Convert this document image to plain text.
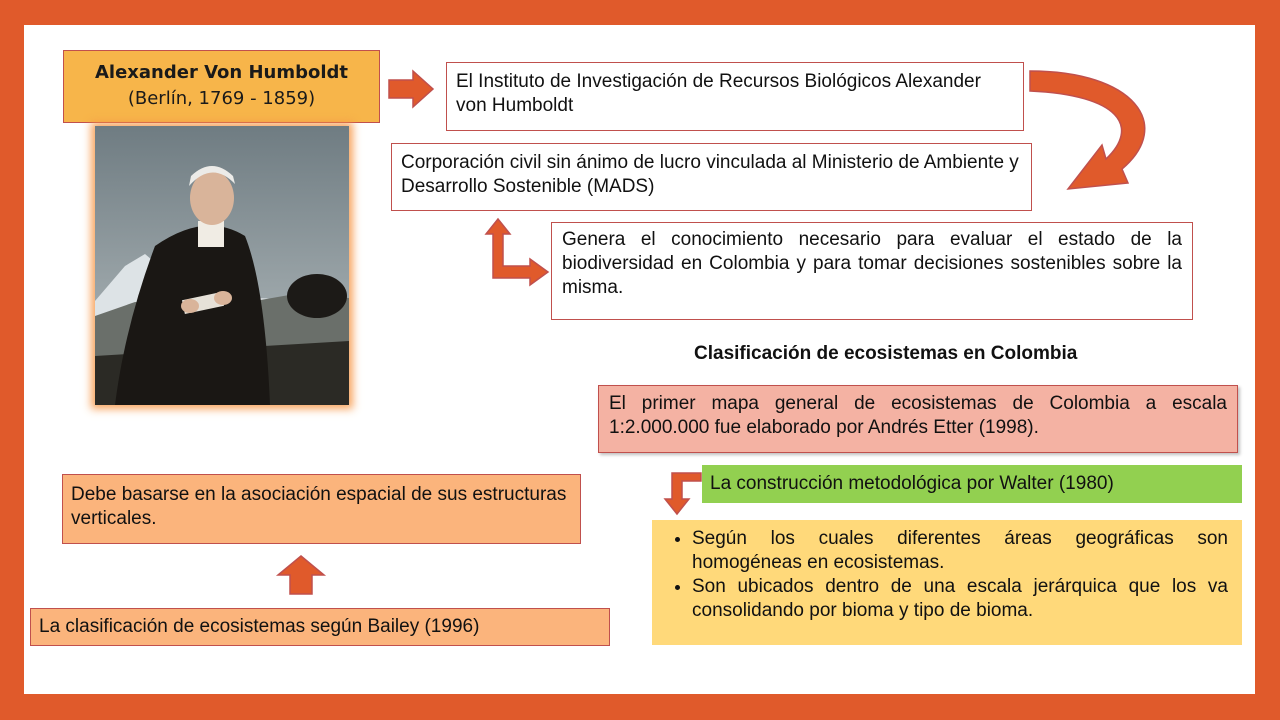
Alexander Von Humboldt
(Berlín, 1769 - 1859)
El Instituto de Investigación de Recursos Biológicos Alexander von Humboldt
Corporación civil sin ánimo de lucro vinculada al Ministerio de Ambiente y Desarrollo Sostenible (MADS)
Genera el conocimiento necesario para evaluar el estado de la biodiversidad en Colombia y para tomar decisiones sostenibles sobre la misma.
Clasificación de ecosistemas en Colombia
El primer mapa general de ecosistemas de Colombia a escala 1:2.000.000 fue elaborado por Andrés Etter (1998).
La construcción metodológica por Walter (1980)
Debe basarse en la asociación espacial de sus estructuras verticales.
La clasificación de ecosistemas según Bailey (1996)
• Según los cuales diferentes áreas geográficas son homogéneas en ecosistemas.
• Son ubicados dentro de una escala jerárquica que los va consolidando por bioma y tipo de bioma.
